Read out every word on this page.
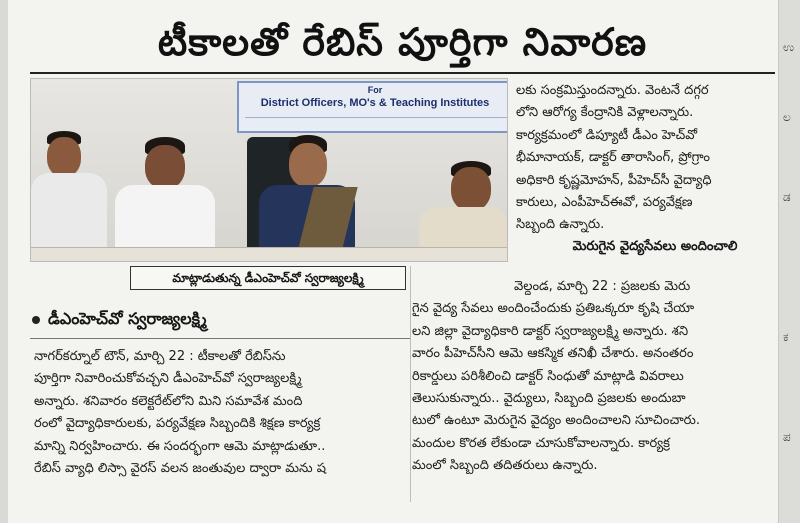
ಉ
ಲ
ಡ
ಕ
ಪ
టీకాలతో రేబిస్ పూర్తిగా నివారణ
For
District Officers, MO's & Teaching Institutes
మాట్లాడుతున్న డీఎంహెచ్‌వో స్వరాజ్యలక్ష్మి
డీఎంహెచ్‌వో స్వరాజ్యలక్ష్మి

నాగర్‌కర్నూల్ టౌన్, మార్చి 22 : టీకాలతో రేబిస్‌ను

పూర్తిగా నివారించుకోవచ్చని డీఎంహెచ్‌వో స్వరాజ్యలక్ష్మి

అన్నారు. శనివారం కలెక్టరేట్‌లోని మిని సమావేశ మంది

రంలో వైద్యాధికారులకు, పర్యవేక్షణ సిబ్బందికి శిక్షణ కార్యక్ర

మాన్ని నిర్వహించారు. ఈ సందర్భంగా ఆమె మాట్లాడుతూ..

రేబిస్ వ్యాధి లిస్సా వైరస్ వలన జంతువుల ద్వారా మను ష

లకు సంక్రమిస్తుందన్నారు. వెంటనే దగ్గర

లోని ఆరోగ్య కేంద్రానికి వెళ్లాలన్నారు.

కార్యక్రమంలో డిప్యూటీ డీఎం హెచ్‌వో

భీమానాయక్, డాక్టర్ తారాసింగ్, ప్రోగ్రాం

అధికారి కృష్ణమోహన్, పీహెచ్‌సీ వైద్యాధి

కారులు, ఎంపీహెచ్‌ఈవో, పర్యవేక్షణ

సిబ్బంది ఉన్నారు.

మెరుగైన వైద్యసేవలు అందించాలి

వెల్దండ, మార్చి 22 : ప్రజలకు మెరు

గైన వైద్య సేవలు అందించేందుకు ప్రతిఒక్కరూ కృషి చేయా

లని జిల్లా వైద్యాధికారి డాక్టర్ స్వరాజ్యలక్ష్మి అన్నారు. శని

వారం పీహెచ్‌సీని ఆమె ఆకస్మిక తనిఖీ చేశారు. అనంతరం

రికార్డులు పరిశీలించి డాక్టర్ సింధుతో మాట్లాడి వివరాలు

తెలుసుకున్నారు.. వైద్యులు, సిబ్బంది ప్రజలకు అందుబా

టులో ఉంటూ మెరుగైన వైద్యం అందించాలని సూచించారు.

మందుల కొరత లేకుండా చూసుకోవాలన్నారు. కార్యక్ర

మంలో సిబ్బంది తదితరులు ఉన్నారు.
